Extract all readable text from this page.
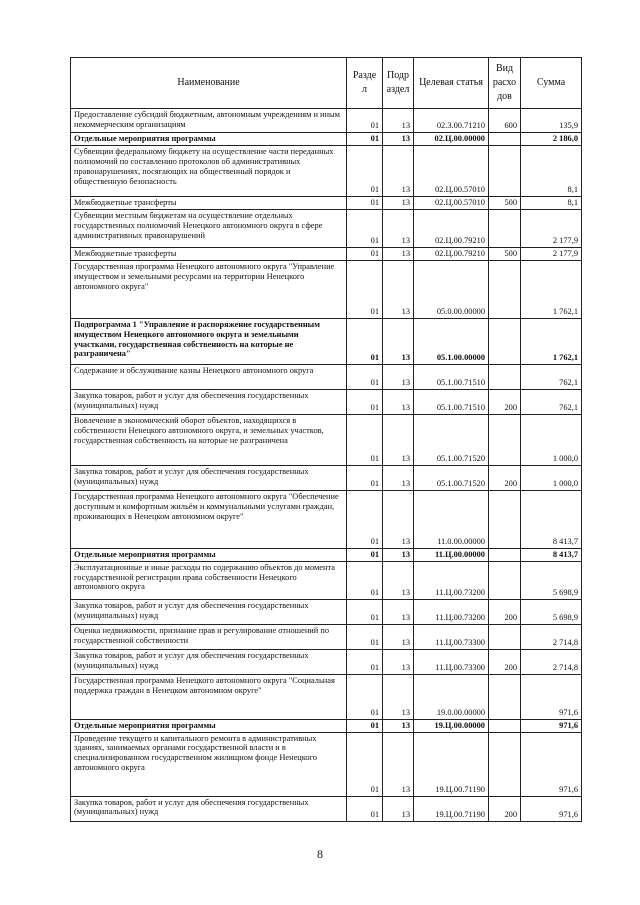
Наименование	Разде л	Подр аздел	Целевая статья	Вид расхо дов	Сумма
Предоставление субсидий бюджетным, автономным учреждениям и иным некоммерческим организациям	01	13	02.3.00.71210	600	135,9
Отдельные мероприятия программы	01	13	02.Ц.00.00000		2 186,0
Субвенции федеральному бюджету на осуществление части переданных полномочий по составлению протоколов об административных правонарушениях, посягающих на общественный порядок и общественную безопасность	01	13	02.Ц.00.57010		8,1
Межбюджетные трансферты	01	13	02.Ц.00.57010	500	8,1
Субвенции местным бюджетам на осуществление отдельных государственных полномочий Ненецкого автономного округа в сфере административных правонарушений	01	13	02.Ц.00.79210		2 177,9
Межбюджетные трансферты	01	13	02.Ц.00.79210	500	2 177,9
Государственная программа Ненецкого автономного округа "Управление имуществом и земельными ресурсами на территории Ненецкого автономного округа"	01	13	05.0.00.00000		1 762,1
Подпрограмма 1 "Управление и распоряжение государственным имуществом Ненецкого автономного округа и земельными участками, государственная собственность на которые не разграничена"	01	13	05.1.00.00000		1 762,1
Содержание и обслуживание казны Ненецкого автономного округа	01	13	05.1.00.71510		762,1
Закупка товаров, работ и услуг для обеспечения государственных (муниципальных) нужд	01	13	05.1.00.71510	200	762,1
Вовлечение в экономический оборот объектов, находящихся в собственности Ненецкого автономного округа, и земельных участков, государственная собственность на которые не разграничена	01	13	05.1.00.71520		1 000,0
Закупка товаров, работ и услуг для обеспечения государственных (муниципальных) нужд	01	13	05.1.00.71520	200	1 000,0
Государственная программа Ненецкого автономного округа "Обеспечение доступным и комфортным жильём и коммунальными услугами граждан, проживающих в Ненецком автономном округе"	01	13	11.0.00.00000		8 413,7
Отдельные мероприятия программы	01	13	11.Ц.00.00000		8 413,7
Эксплуатационные и иные расходы по содержанию объектов до момента государственной регистрации права собственности Ненецкого автономного округа	01	13	11.Ц.00.73200		5 698,9
Закупка товаров, работ и услуг для обеспечения государственных (муниципальных) нужд	01	13	11.Ц.00.73200	200	5 698,9
Оценка недвижимости, признание прав и регулирование отношений по государственной собственности	01	13	11.Ц.00.73300		2 714,8
Закупка товаров, работ и услуг для обеспечения государственных (муниципальных) нужд	01	13	11.Ц.00.73300	200	2 714,8
Государственная программа Ненецкого автономного округа "Социальная поддержка граждан в Ненецком автономном округе"	01	13	19.0.00.00000		971,6
Отдельные мероприятия программы	01	13	19.Ц.00.00000		971,6
Проведение текущего и капитального ремонта в административных зданиях, занимаемых органами государственной власти и в специализированном государственном жилищном фонде Ненецкого автономного округа	01	13	19.Ц.00.71190		971,6
Закупка товаров, работ и услуг для обеспечения государственных (муниципальных) нужд	01	13	19.Ц.00.71190	200	971,6
8
